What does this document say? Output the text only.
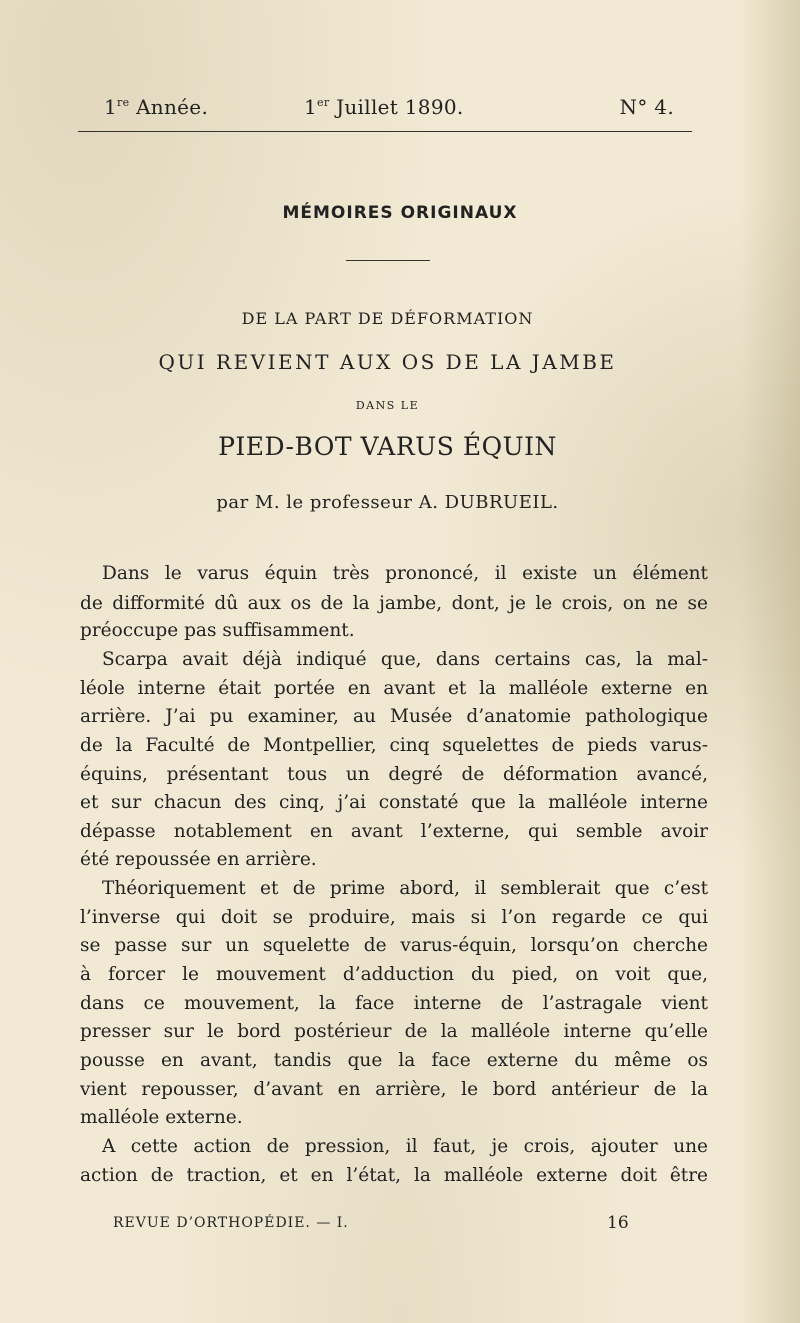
1re Année.	1er Juillet 1890.	N° 4.
MÉMOIRES ORIGINAUX
DE LA PART DE DÉFORMATION
QUI REVIENT AUX OS DE LA JAMBE
DANS LE
PIED-BOT VARUS ÉQUIN
par M. le professeur A. DUBRUEIL.
Dans le varus équin très prononcé, il existe un élément
de difformité dû aux os de la jambe, dont, je le crois, on ne se
préoccupe pas suffisamment.
Scarpa avait déjà indiqué que, dans certains cas, la mal-
léole interne était portée en avant et la malléole externe en
arrière. J’ai pu examiner, au Musée d’anatomie pathologique
de la Faculté de Montpellier, cinq squelettes de pieds varus-
équins, présentant tous un degré de déformation avancé,
et sur chacun des cinq, j’ai constaté que la malléole interne
dépasse notablement en avant l’externe, qui semble avoir
été repoussée en arrière.
Théoriquement et de prime abord, il semblerait que c’est
l’inverse qui doit se produire, mais si l’on regarde ce qui
se passe sur un squelette de varus-équin, lorsqu’on cherche
à forcer le mouvement d’adduction du pied, on voit que,
dans ce mouvement, la face interne de l’astragale vient
presser sur le bord postérieur de la malléole interne qu’elle
pousse en avant, tandis que la face externe du même os
vient repousser, d’avant en arrière, le bord antérieur de la
malléole externe.
A cette action de pression, il faut, je crois, ajouter une
action de traction, et en l’état, la malléole externe doit être
REVUE D’ORTHOPÉDIE. — I.	16
